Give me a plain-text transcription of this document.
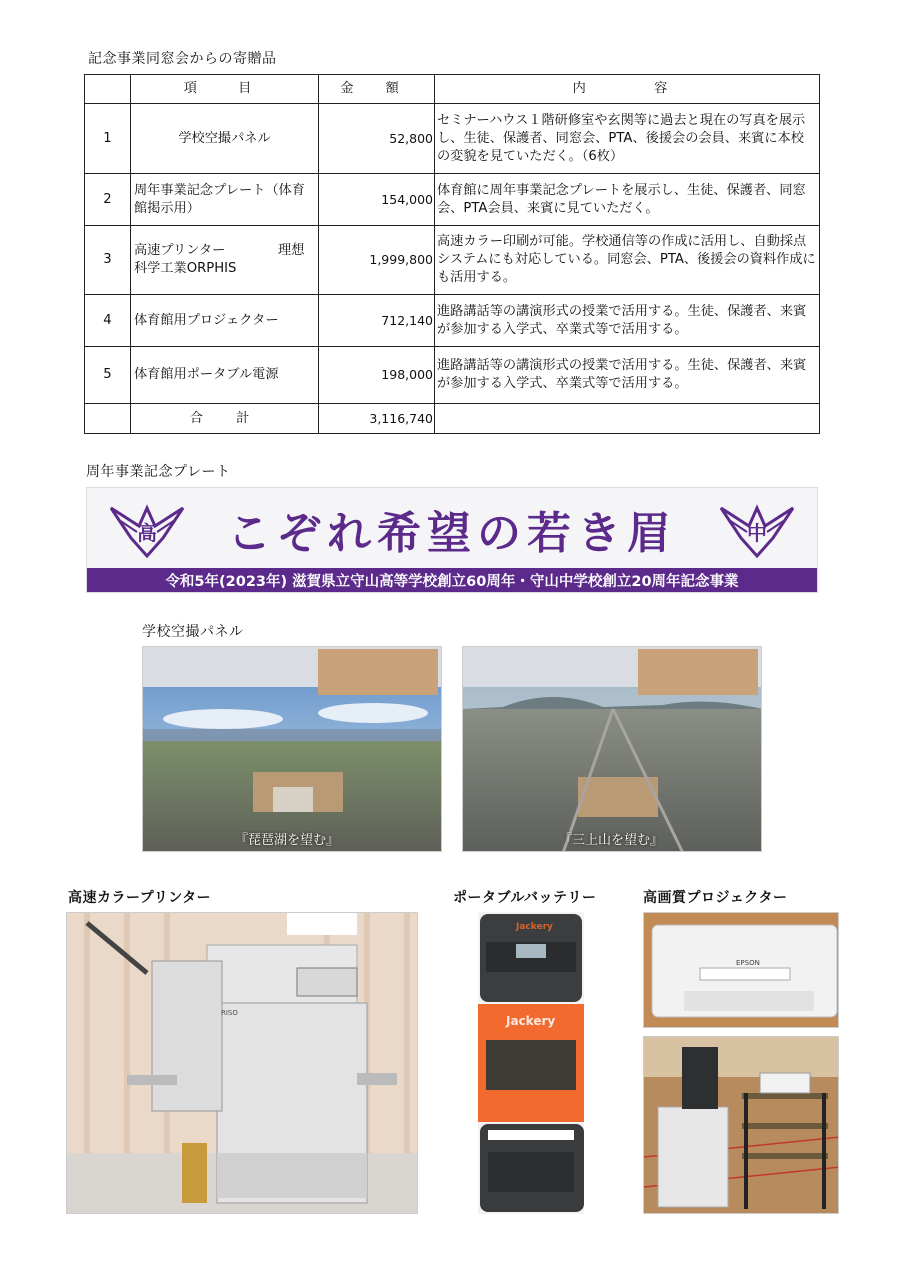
記念事業同窓会からの寄贈品
	項　目	金 額	内　　容
1	学校空撮パネル	52,800	セミナーハウス１階研修室や玄関等に過去と現在の写真を展示し、生徒、保護者、同窓会、PTA、後援会の会員、来賓に本校の変貌を見ていただく。（6枚）
2	周年事業記念プレート（体育館掲示用）	154,000	体育館に周年事業記念プレートを展示し、生徒、保護者、同窓会、PTA会員、来賓に見ていただく。
3	高速プリンター　　　　理想科学工業ORPHIS	1,999,800	高速カラー印刷が可能。学校通信等の作成に活用し、自動採点システムにも対応している。同窓会、PTA、後援会の資料作成にも活用する。
4	体育館用プロジェクター	712,140	進路講話等の講演形式の授業で活用する。生徒、保護者、来賓が参加する入学式、卒業式等で活用する。
5	体育館用ポータブル電源	198,000	進路講話等の講演形式の授業で活用する。生徒、保護者、来賓が参加する入学式、卒業式等で活用する。
	合　計	3,116,740	
周年事業記念プレート
高 こぞれ希望の若き眉	中
令和5年(2023年) 滋賀県立守山高等学校創立60周年・守山中学校創立20周年記念事業
学校空撮パネル
『琵琶湖を望む』	『三上山を望む』
高速カラープリンター	ポータブルバッテリー	高画質プロジェクター
RISO
Jackery
Jackery
EPSON
